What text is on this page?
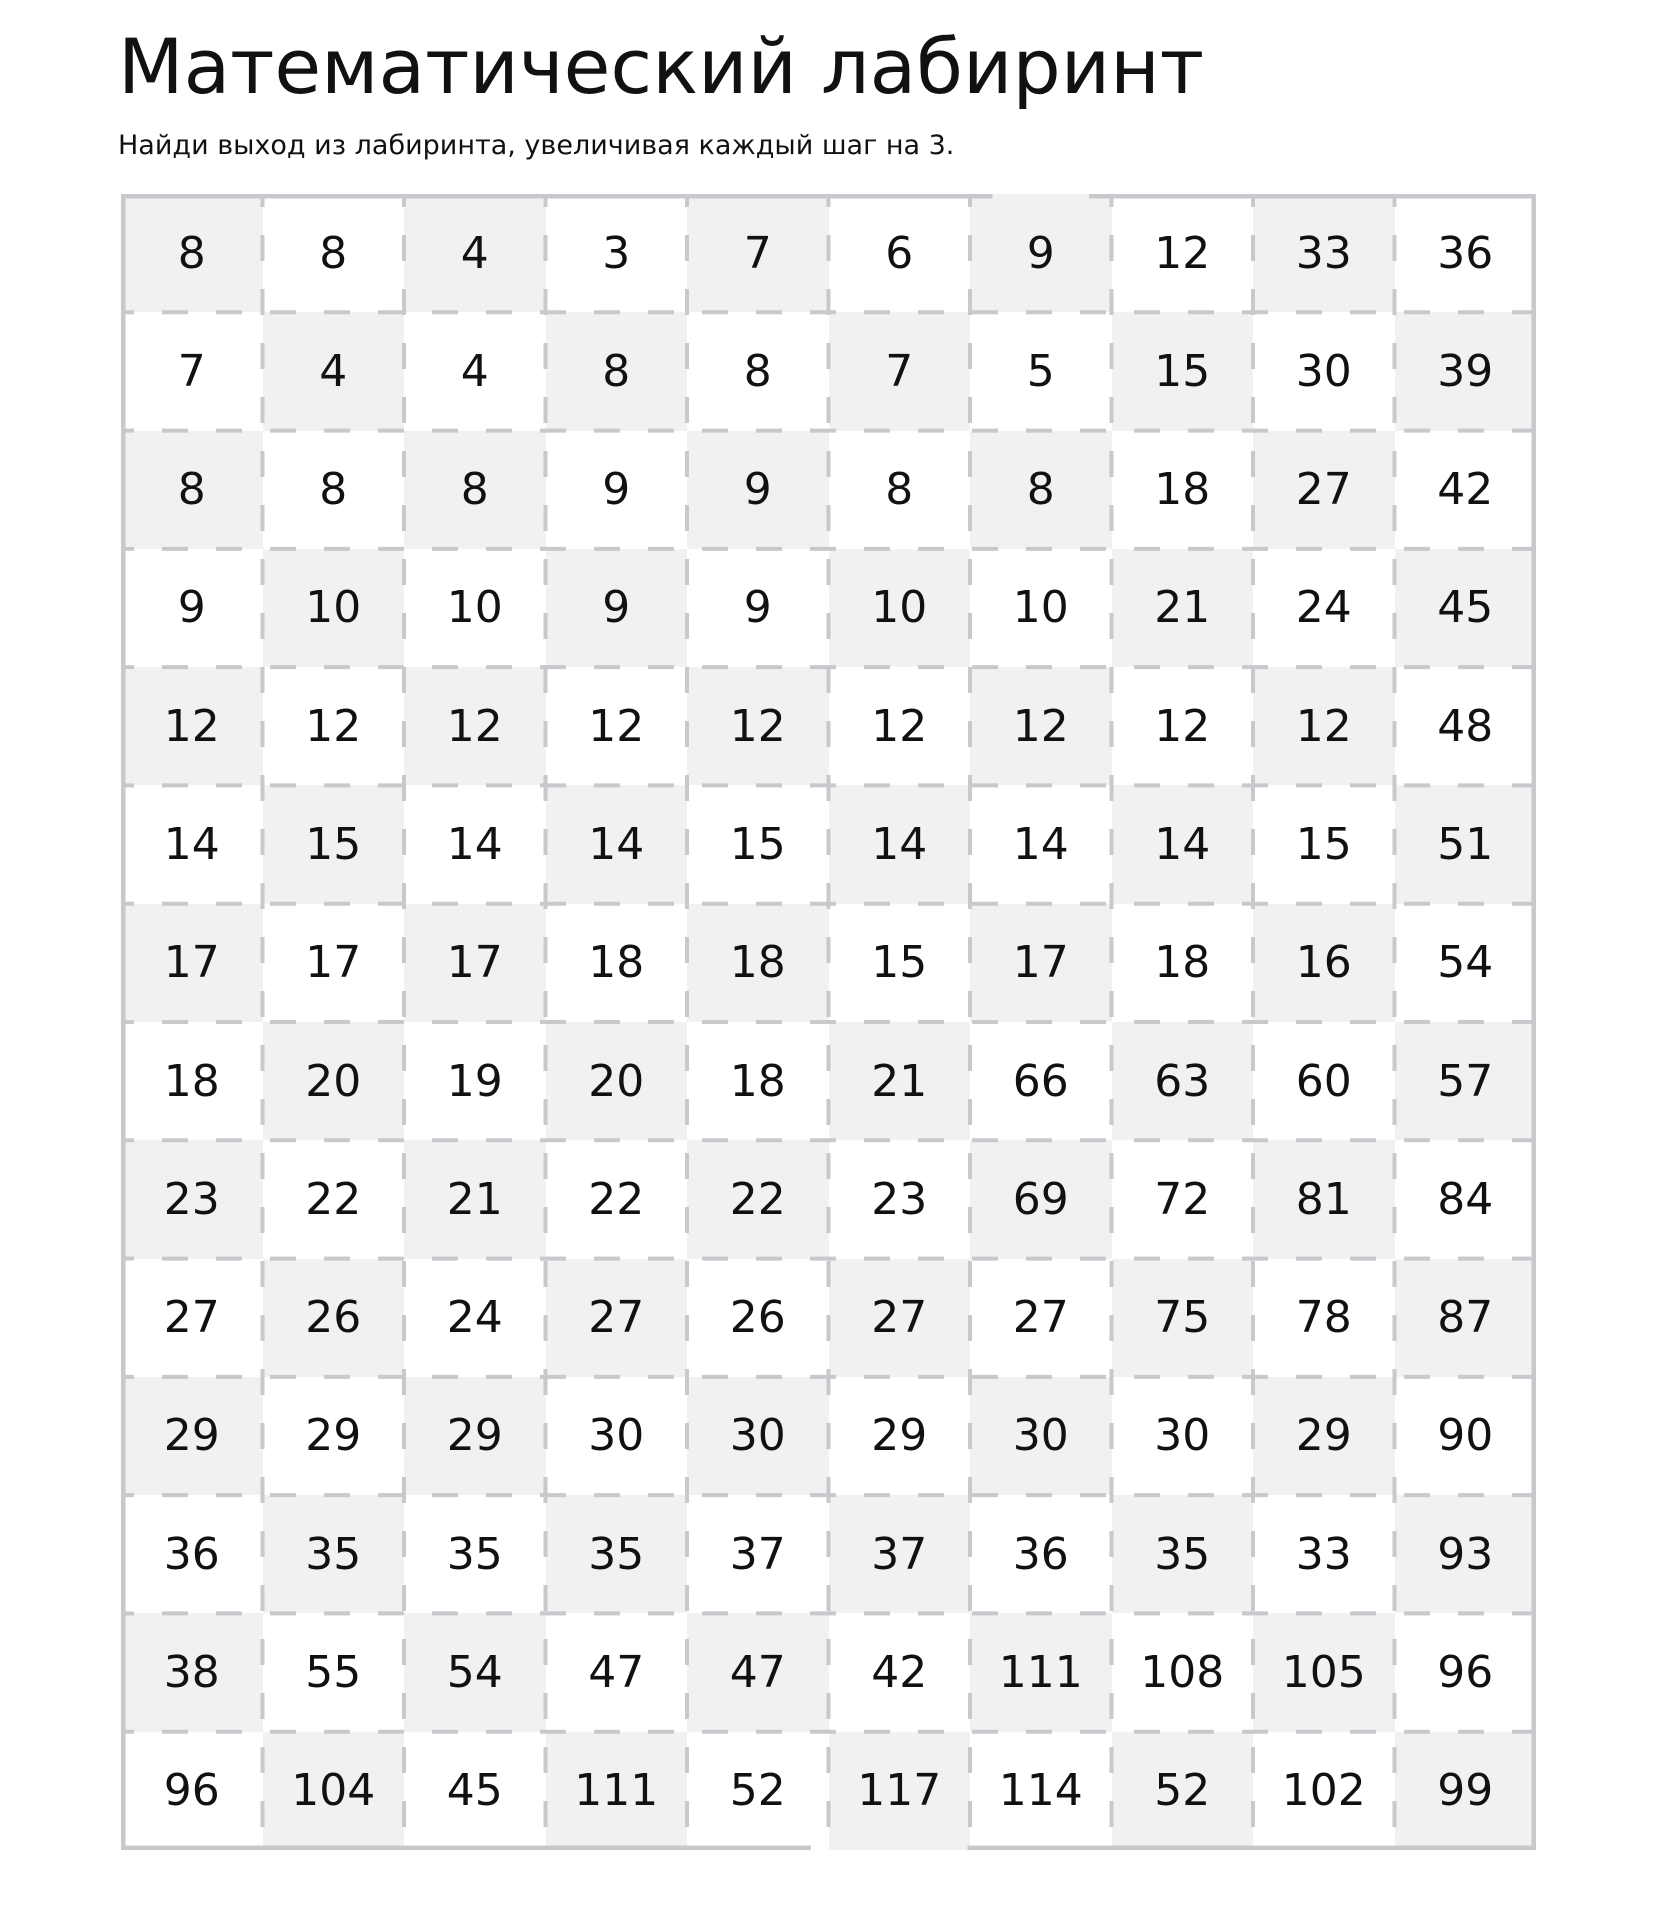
Математический лабиринт

Найди выход из лабиринта, увеличивая каждый шаг на 3.

8	8	4	3	7	6	9	12	33	36
7	4	4	8	8	7	5	15	30	39
8	8	8	9	9	8	8	18	27	42
9	10	10	9	9	10	10	21	24	45
12	12	12	12	12	12	12	12	12	48
14	15	14	14	15	14	14	14	15	51
17	17	17	18	18	15	17	18	16	54
18	20	19	20	18	21	66	63	60	57
23	22	21	22	22	23	69	72	81	84
27	26	24	27	26	27	27	75	78	87
29	29	29	30	30	29	30	30	29	90
36	35	35	35	37	37	36	35	33	93
38	55	54	47	47	42	111	108	105	96
96	104	45	111	52	117	114	52	102	99
